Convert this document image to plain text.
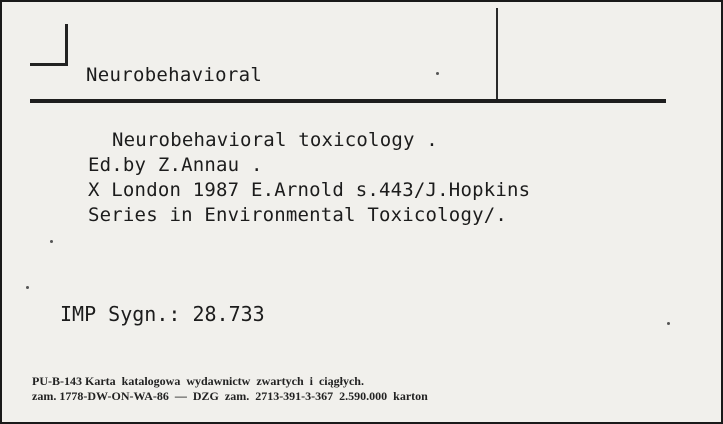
Neurobehavioral
Neurobehavioral toxicology .
Ed.by Z.Annau .
X London 1987 E.Arnold s.443/J.Hopkins
Series in Environmental Toxicology/.
IMP Sygn.: 28.733
PU-B-143 Karta  katalogowa  wydawnictw  zwartych  i  ciągłych.
zam. 1778-DW-ON-WA-86  —  DZG  zam.  2713-391-3-367  2.590.000  karton
